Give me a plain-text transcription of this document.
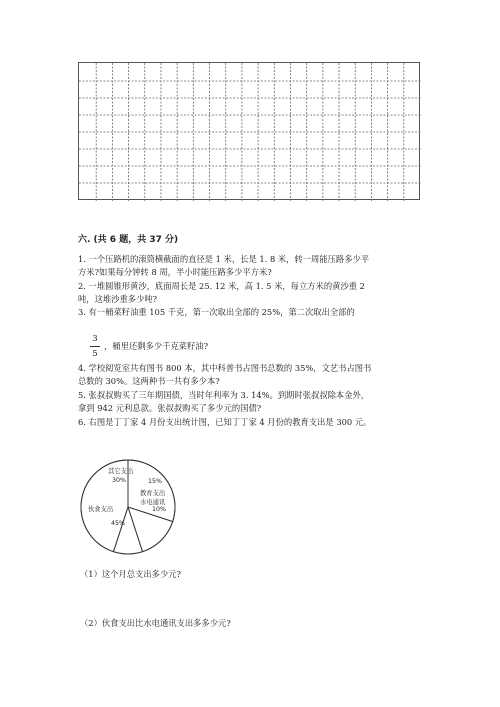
六. (共 6 题，共 37 分)
1. 一个压路机的滚筒横截面的直径是 1 米，长是 1. 8 米，转一周能压路多少平
方米?如果每分钟转 8 周，半小时能压路多少平方米?
2. 一堆圆锥形黄沙，底面周长是 25. 12 米，高 1. 5 米，每立方米的黄沙重 2
吨，这堆沙重多少吨?
3. 有一桶菜籽油重 105 千克，第一次取出全部的 25%，第二次取出全部的
3
5
，桶里还剩多少千克菜籽油?
4. 学校阅览室共有图书 800 本，其中科普书占图书总数的 35%，文艺书占图书
总数的 30%。这两种书一共有多少本?
5. 张叔叔购买了三年期国债，当时年利率为 3. 14%。到期时张叔叔除本金外，
拿到 942 元利息款。张叔叔购买了多少元的国债?
6. 右图是丁丁家 4 月份支出统计图，已知丁丁家 4 月份的教育支出是 300 元。
其它支出
30%	15%
教育支出
水电通讯
10%
伙食支出
45%
（1）这个月总支出多少元?
（2）伙食支出比水电通讯支出多多少元?
